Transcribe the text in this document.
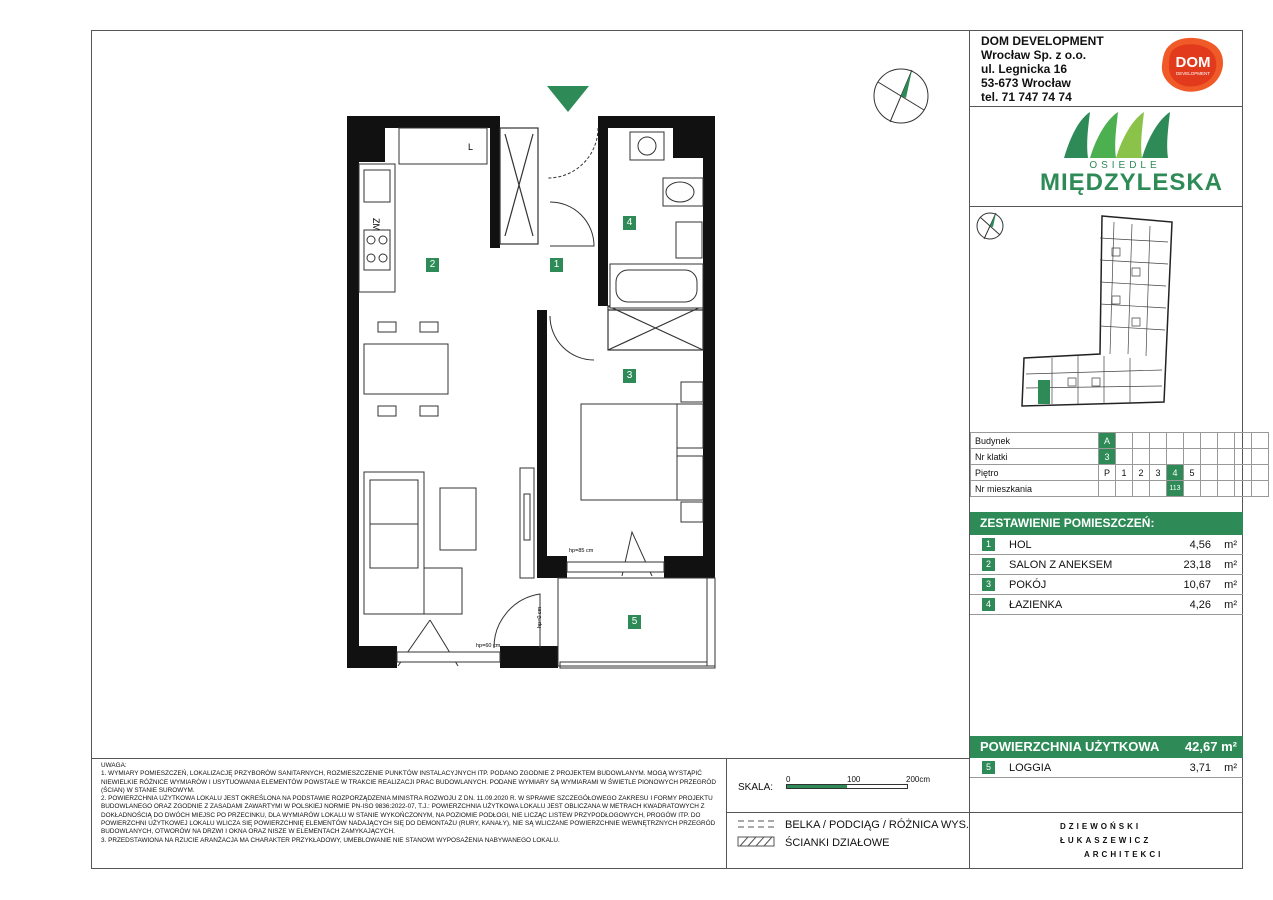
DOM DEVELOPMENT
Wrocław Sp. z o.o.
ul. Legnicka 16
53-673 Wrocław
tel. 71 747 74 74
DOM
DEVELOPMENT
OSIEDLE
MIĘDZYLESKA
Budynek	A									
Nr klatki	3									
Piętro	P	1	2	3	4	5				
Nr mieszkania					113					
ZESTAWIENIE POMIESZCZEŃ:
1	HOL	4,56 m²
2	SALON Z ANEKSEM	23,18 m²
3	POKÓJ	10,67 m²
4	ŁAZIENKA	4,26 m²
POWIERZCHNIA UŻYTKOWA 42,67 m²
5	LOGGIA	3,71 m²
DZIEWOŃSKI
ŁUKASZEWICZ
ARCHITEKCI

UWAGA:

1. WYMIARY POMIESZCZEŃ, LOKALIZACJĘ PRZYBORÓW SANITARNYCH, ROZMIESZCZENIE PUNKTÓW INSTALACYJNYCH ITP. PODANO ZGODNIE Z PROJEKTEM BUDOWLANYM. MOGĄ WYSTĄPIĆ NIEWIELKIE RÓŻNICE WYMIARÓW I USYTUOWANIA ELEMENTÓW POWSTAŁE W TRAKCIE REALIZACJI PRAC BUDOWLANYCH. PODANE WYMIARY SĄ WYMIARAMI W ŚWIETLE PIONOWYCH PRZEGRÓD (ŚCIAN) W STANIE SUROWYM.

2. POWIERZCHNIA UŻYTKOWA LOKALU JEST OKREŚLONA NA PODSTAWIE ROZPORZĄDZENIA MINISTRA ROZWOJU Z DN. 11.09.2020 R. W SPRAWIE SZCZEGÓŁOWEGO ZAKRESU I FORMY PROJEKTU BUDOWLANEGO ORAZ ZGODNIE Z ZASADAMI ZAWARTYMI W POLSKIEJ NORMIE PN-ISO 9836:2022-07, T.J.: POWIERZCHNIA UŻYTKOWA LOKALU JEST OBLICZANA W METRACH KWADRATOWYCH Z DOKŁADNOŚCIĄ DO DWÓCH MIEJSC PO PRZECINKU, DLA WYMIARÓW LOKALU W STANIE WYKOŃCZONYM, NA POZIOMIE PODŁOGI, NIE LICZĄC LISTEW PRZYPODŁOGOWYCH, PROGÓW ITP. DO POWIERZCHNI UŻYTKOWEJ LOKALU WLICZA SIĘ POWIERZCHNIĘ ELEMENTÓW NADAJĄCYCH SIĘ DO DEMONTAŻU (RURY, KANAŁY), NIE SĄ WLICZANE POWIERZCHNIE WEWNĘTRZNYCH PRZEGRÓD BUDOWLANYCH, OTWORÓW NA DRZWI I OKNA ORAZ NISZE W ELEMENTACH ZAMYKAJĄCYCH.

3. PRZEDSTAWIONA NA RZUCIE ARANŻACJA MA CHARAKTER PRZYKŁADOWY, UMEBLOWANIE NIE STANOWI WYPOSAŻENIA NABYWANEGO LOKALU.

SKALA:
0	100	200cm
BELKA / PODCIĄG / RÓŻNICA WYS.
ŚCIANKI DZIAŁOWE
L
ZM
hp=85 cm
hp=60 cm
hp=0 cm
1
2
3
4
5
